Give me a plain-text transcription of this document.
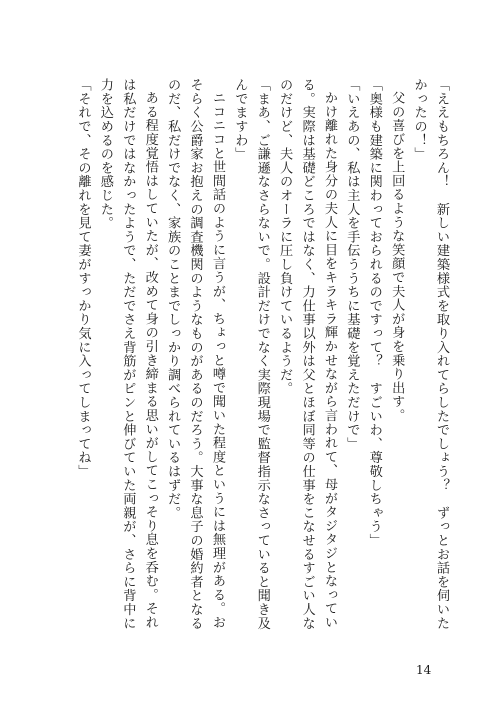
「ええもちろん！　新しい建築様式を取り入れてらしたでしょう？　ずっとお話を伺いたかったの！」

父の喜びを上回るような笑顔で夫人が身を乗り出す。

「奥様も建築に関わっておられるのですって？　すごいわ、尊敬しちゃう」

「いえあの、私は主人を手伝ううちに基礎を覚えただけで」

かけ離れた身分の夫人に目をキラキラ輝かせながら言われて、母がタジタジとなっている。実際は基礎どころではなく、力仕事以外は父とほぼ同等の仕事をこなせるすごい人なのだけど、夫人のオーラに圧し負けているようだ。

「まあ、ご謙遜なさらないで。設計だけでなく実際現場で監督指示なさっていると聞き及んでますわ」

ニコニコと世間話のように言うが、ちょっと噂で聞いた程度というには無理がある。おそらく公爵家お抱えの調査機関のようなものがあるのだろう。大事な息子の婚約者となるのだ、私だけでなく、家族のことまでしっかり調べられているはずだ。

ある程度覚悟はしていたが、改めて身の引き締まる思いがしてこっそり息を呑む。それは私だけではなかったようで、ただでさえ背筋がピンと伸びていた両親が、さらに背中に力を込めるのを感じた。

「それで、その離れを見て妻がすっかり気に入ってしまってね」

14
